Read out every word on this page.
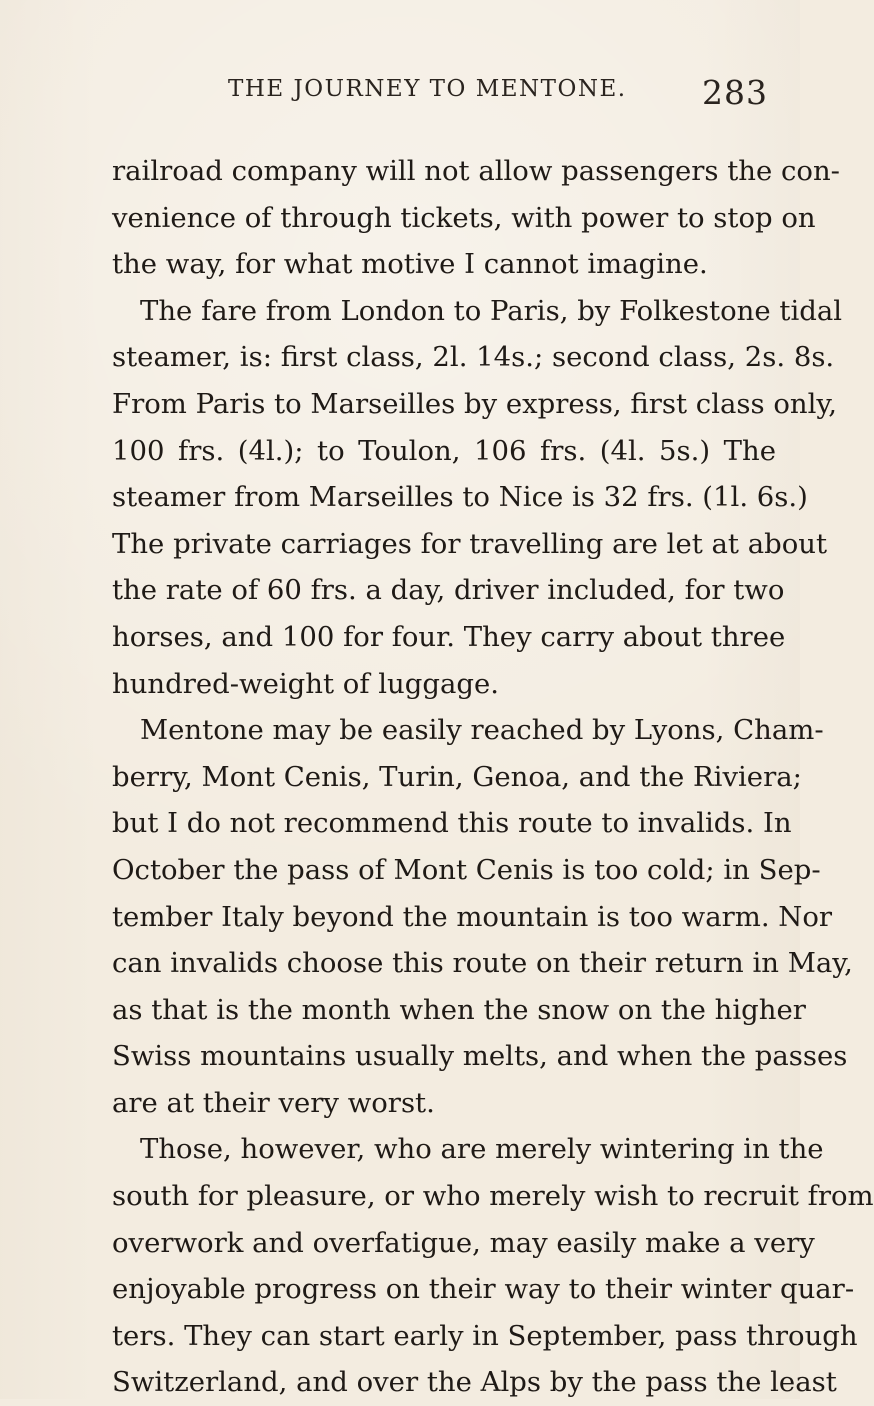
THE JOURNEY TO MENTONE. 283
railroad company will not allow passengers the con-
venience of through tickets, with power to stop on
the way, for what motive I cannot imagine.
The fare from London to Paris, by Folkestone tidal
steamer, is: first class, 2l. 14s.; second class, 2s. 8s.
From Paris to Marseilles by express, first class only,
100 frs. (4l.); to Toulon, 106 frs. (4l. 5s.) The
steamer from Marseilles to Nice is 32 frs. (1l. 6s.)
The private carriages for travelling are let at about
the rate of 60 frs. a day, driver included, for two
horses, and 100 for four. They carry about three
hundred-weight of luggage.
Mentone may be easily reached by Lyons, Cham-
berry, Mont Cenis, Turin, Genoa, and the Riviera;
but I do not recommend this route to invalids. In
October the pass of Mont Cenis is too cold; in Sep-
tember Italy beyond the mountain is too warm. Nor
can invalids choose this route on their return in May,
as that is the month when the snow on the higher
Swiss mountains usually melts, and when the passes
are at their very worst.
Those, however, who are merely wintering in the
south for pleasure, or who merely wish to recruit from
overwork and overfatigue, may easily make a very
enjoyable progress on their way to their winter quar-
ters. They can start early in September, pass through
Switzerland, and over the Alps by the pass the least
